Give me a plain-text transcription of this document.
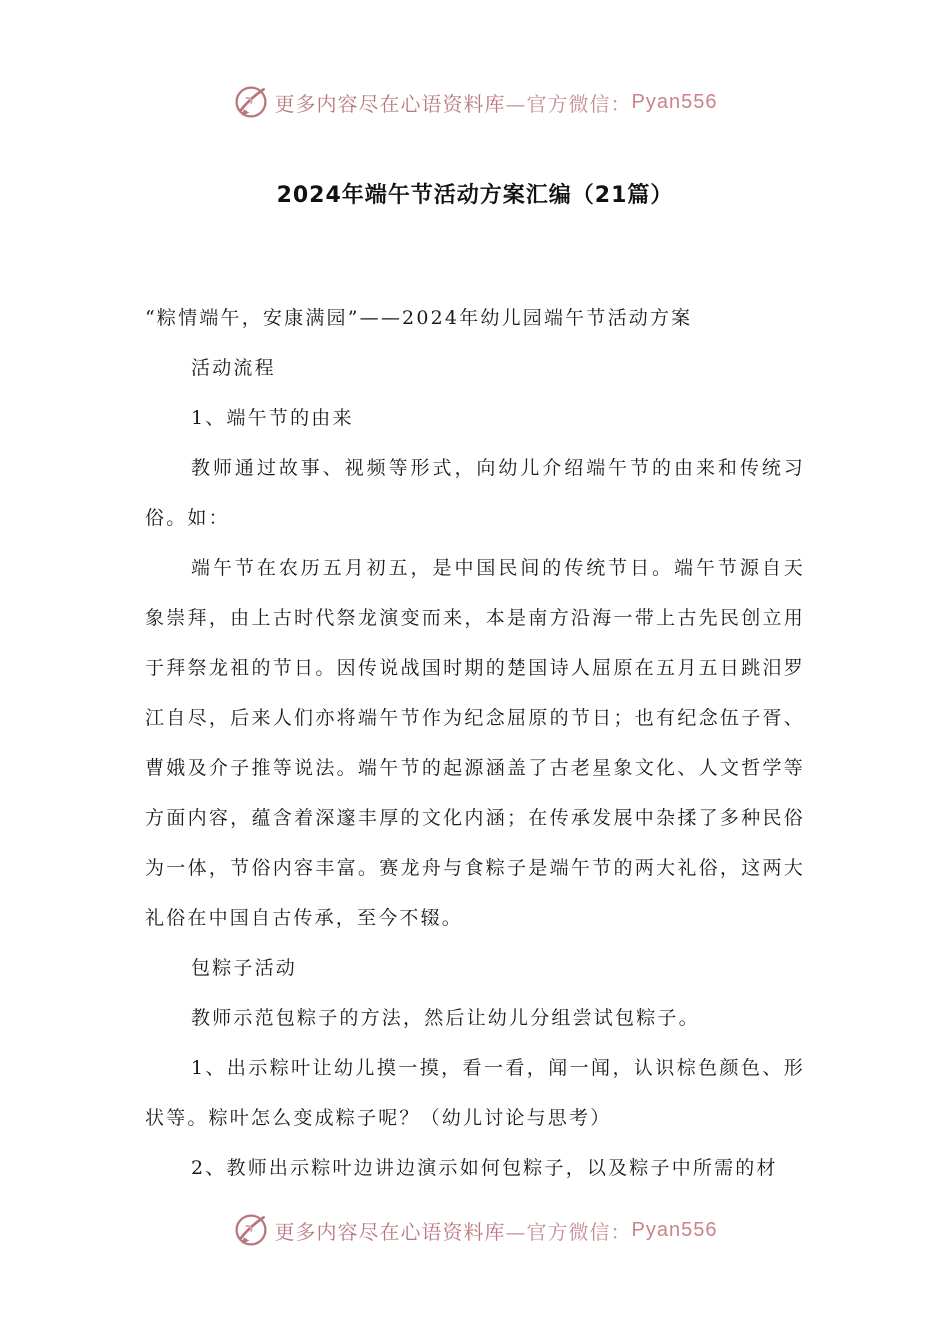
更多内容尽在心语资料库 —官方微信： Pyan556
2024年端午节活动方案汇编（21篇）

“粽情端午，安康满园”——2024年幼儿园端午节活动方案

活动流程

1、端午节的由来

教师通过故事、视频等形式，向幼儿介绍端午节的由来和传统习俗。如：

端午节在农历五月初五，是中国民间的传统节日。端午节源自天象崇拜，由上古时代祭龙演变而来，本是南方沿海一带上古先民创立用于拜祭龙祖的节日。因传说战国时期的楚国诗人屈原在五月五日跳汨罗江自尽，后来人们亦将端午节作为纪念屈原的节日；也有纪念伍子胥、曹娥及介子推等说法。端午节的起源涵盖了古老星象文化、人文哲学等方面内容，蕴含着深邃丰厚的文化内涵；在传承发展中杂揉了多种民俗为一体，节俗内容丰富。赛龙舟与食粽子是端午节的两大礼俗，这两大礼俗在中国自古传承，至今不辍。

包粽子活动

教师示范包粽子的方法，然后让幼儿分组尝试包粽子。

1、出示粽叶让幼儿摸一摸，看一看，闻一闻，认识棕色颜色、形状等。粽叶怎么变成粽子呢？（幼儿讨论与思考）

2、教师出示粽叶边讲边演示如何包粽子，以及粽子中所需的材

更多内容尽在心语资料库 —官方微信： Pyan556
